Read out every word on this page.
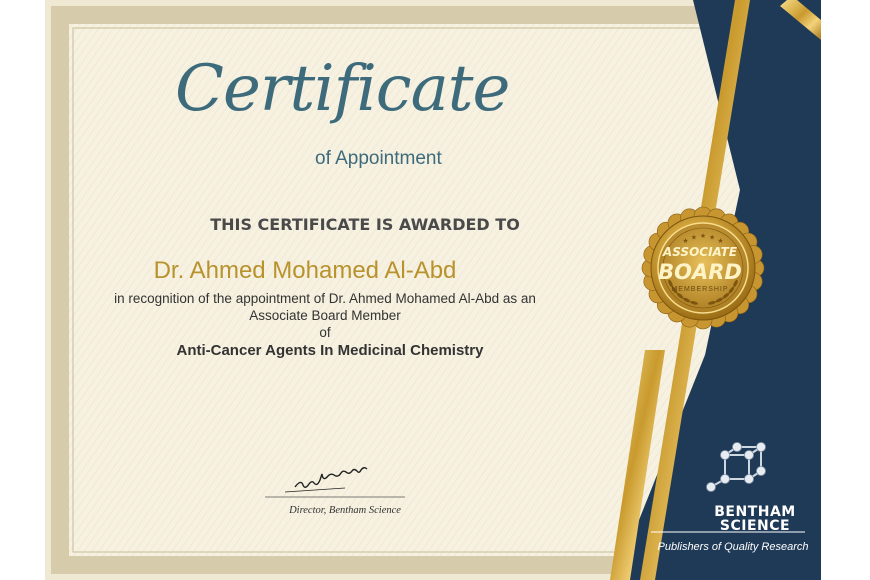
★
★ ★ ★
★
Certificate
of Appointment
THIS CERTIFICATE IS AWARDED TO
Dr. Ahmed Mohamed Al-Abd
in recognition of the appointment of Dr. Ahmed Mohamed Al-Abd as an
Associate Board Member
of
Anti-Cancer Agents In Medicinal Chemistry
Director, Bentham Science
ASSOCIATE
BOARD
MEMBERSHIP
BENTHAM
SCIENCE
Publishers of Quality Research
